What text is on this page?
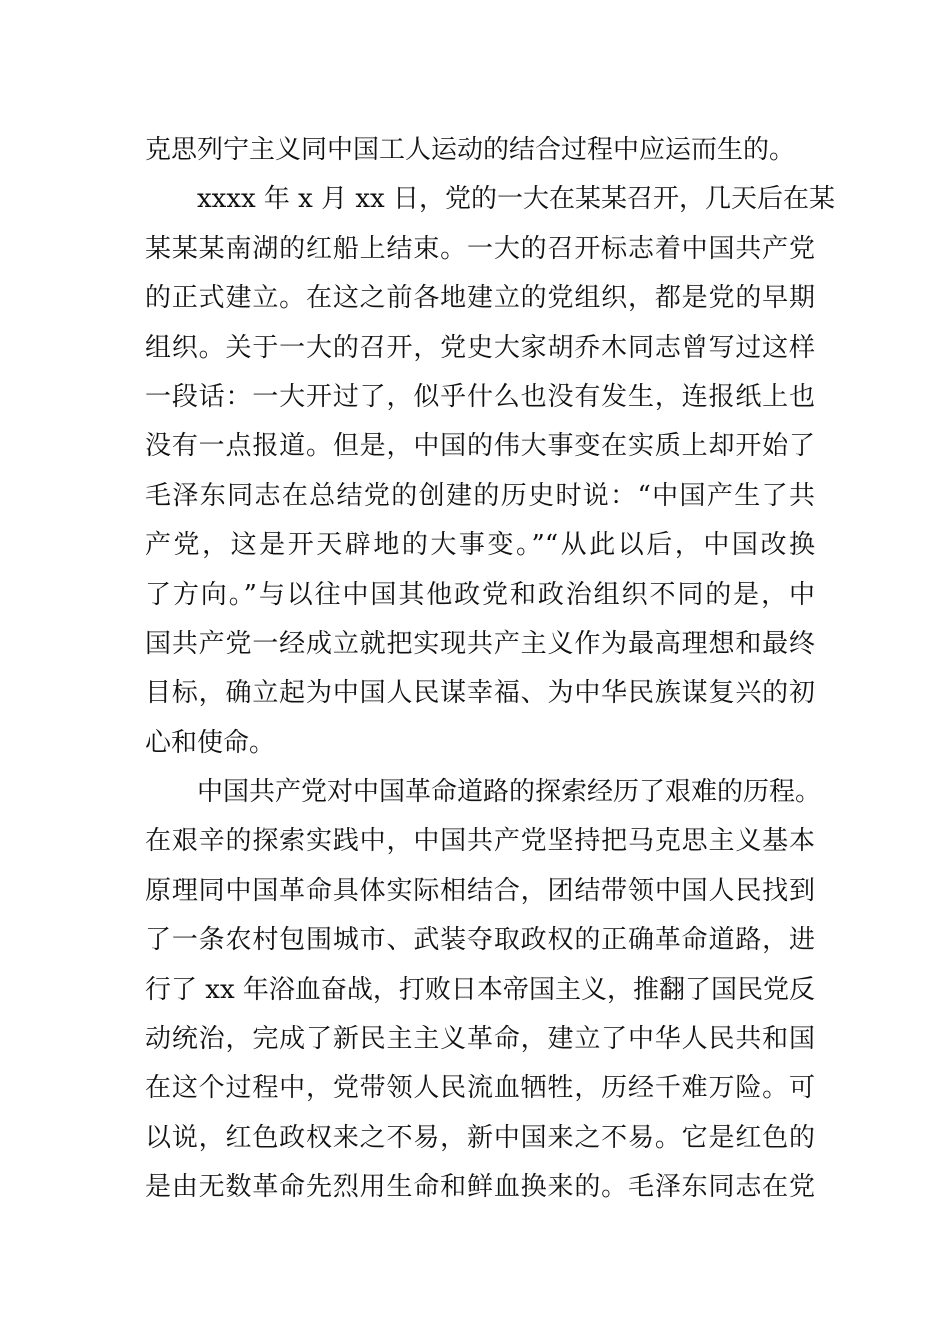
克思列宁主义同中国工人运动的结合过程中应运而生的。
xxxx 年 x 月 xx 日，党的一大在某某召开，几天后在某
某某某南湖的红船上结束。一大的召开标志着中国共产党
的正式建立。在这之前各地建立的党组织，都是党的早期
组织。关于一大的召开，党史大家胡乔木同志曾写过这样
一段话：一大开过了，似乎什么也没有发生，连报纸上也
没有一点报道。但是，中国的伟大事变在实质上却开始了
毛泽东同志在总结党的创建的历史时说：“中国产生了共
产党，这是开天辟地的大事变。”“从此以后，中国改换
了方向。”与以往中国其他政党和政治组织不同的是，中
国共产党一经成立就把实现共产主义作为最高理想和最终
目标，确立起为中国人民谋幸福、为中华民族谋复兴的初
心和使命。
中国共产党对中国革命道路的探索经历了艰难的历程。
在艰辛的探索实践中，中国共产党坚持把马克思主义基本
原理同中国革命具体实际相结合，团结带领中国人民找到
了一条农村包围城市、武装夺取政权的正确革命道路，进
行了 xx 年浴血奋战，打败日本帝国主义，推翻了国民党反
动统治，完成了新民主主义革命，建立了中华人民共和国
在这个过程中，党带领人民流血牺牲，历经千难万险。可
以说，红色政权来之不易，新中国来之不易。它是红色的
是由无数革命先烈用生命和鲜血换来的。毛泽东同志在党
